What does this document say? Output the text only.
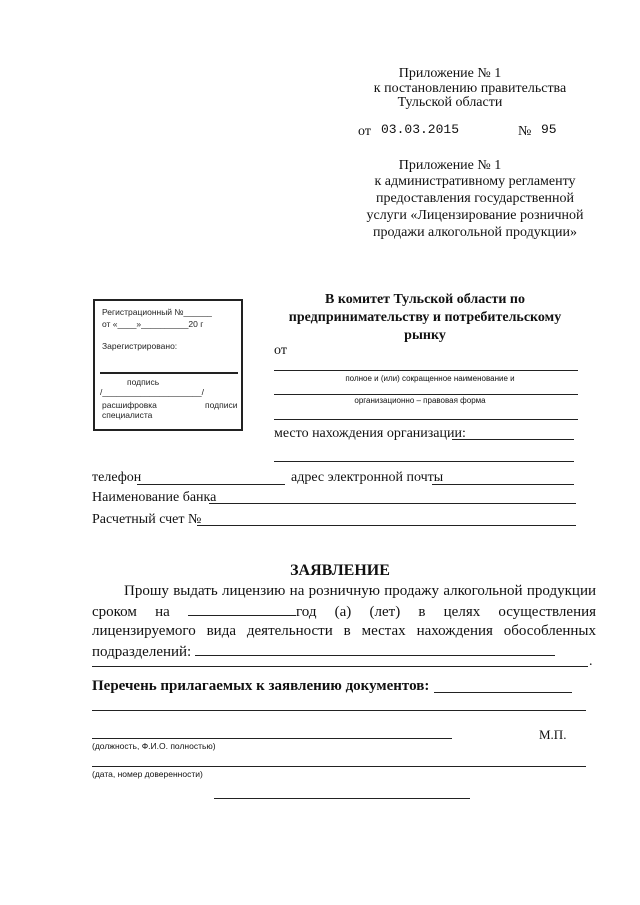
Приложение № 1
к постановлению правительства
Тульской области
от 03.03.2015	№ 95
Приложение № 1
к административному регламенту
предоставления государственной
услуги «Лицензирование розничной
продажи алкогольной продукции»
Регистрационный №______
от «____»__________20 г
Зарегистрировано:
подпись
/_____________________/
расшифровка	подписи
специалиста
В комитет Тульской области по
предпринимательству и потребительскому
рынку
от
полное и (или) сокращенное наименование и
организационно – правовая форма
место нахождения организации:
телефон	адрес электронной почты
Наименование банка
Расчетный счет №
ЗАЯВЛЕНИЕ
Прошу выдать лицензию на розничную продажу алкогольной продукции сроком на	год (а) (лет) в целях осуществления лицензируемого вида деятельности в местах нахождения обособленных подразделений:
.
Перечень прилагаемых к заявлению документов:
М.П.
(должность, Ф.И.О. полностью)
(дата, номер доверенности)
